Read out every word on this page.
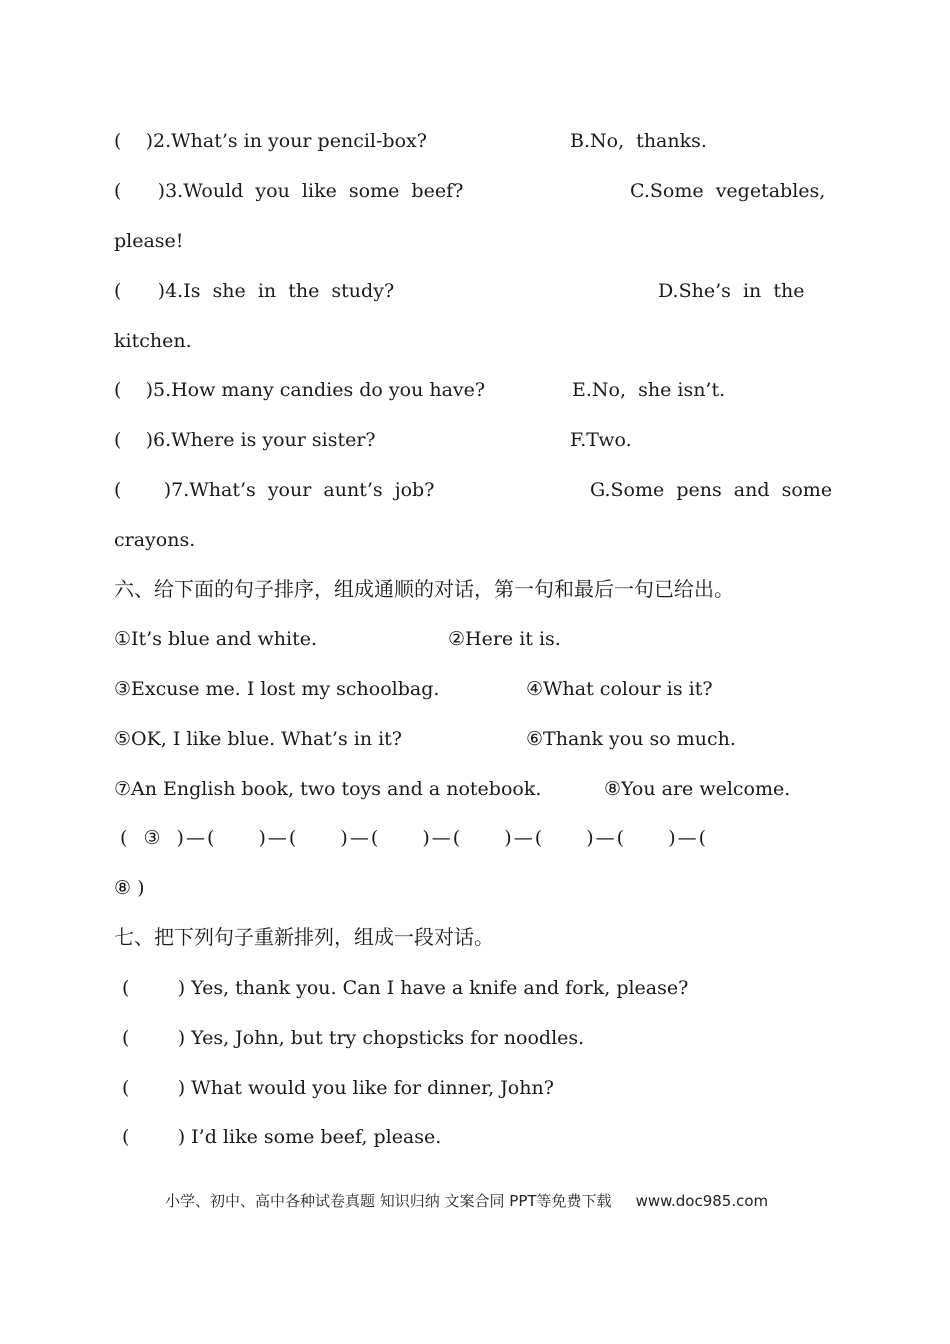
(    )2.What’s in your pencil-box?	B.No,  thanks.
(      )3.Would  you  like  some  beef?	C.Some  vegetables,
please!
(      )4.Is  she  in  the  study?	D.She’s  in  the
kitchen.
(    )5.How many candies do you have?	E.No,  she isn’t.
(    )6.Where is your sister?	F.Two.
(       )7.What’s  your  aunt’s  job?	G.Some  pens  and  some
crayons.
六、给下面的句子排序，组成通顺的对话，第一句和最后一句已给出。
①It’s blue and white.	②Here it is.
③Excuse me. I lost my schoolbag.	④What colour is it?
⑤OK, I like blue. What’s in it?	⑥Thank you so much.
⑦An English book, two toys and a notebook.	⑧You are welcome.
( ③ )—(   )—(   )—(   )—(   )—(   )—(   )—(
⑧ )
七、把下列句子重新排列，组成一段对话。
(        ) Yes, thank you. Can I have a knife and fork, please?
(        ) Yes, John, but try chopsticks for noodles.
(        ) What would you like for dinner, John?
(        ) I’d like some beef, please.
小学、初中、高中各种试卷真题 知识归纳 文案合同 PPT等免费下载 www.doc985.com
